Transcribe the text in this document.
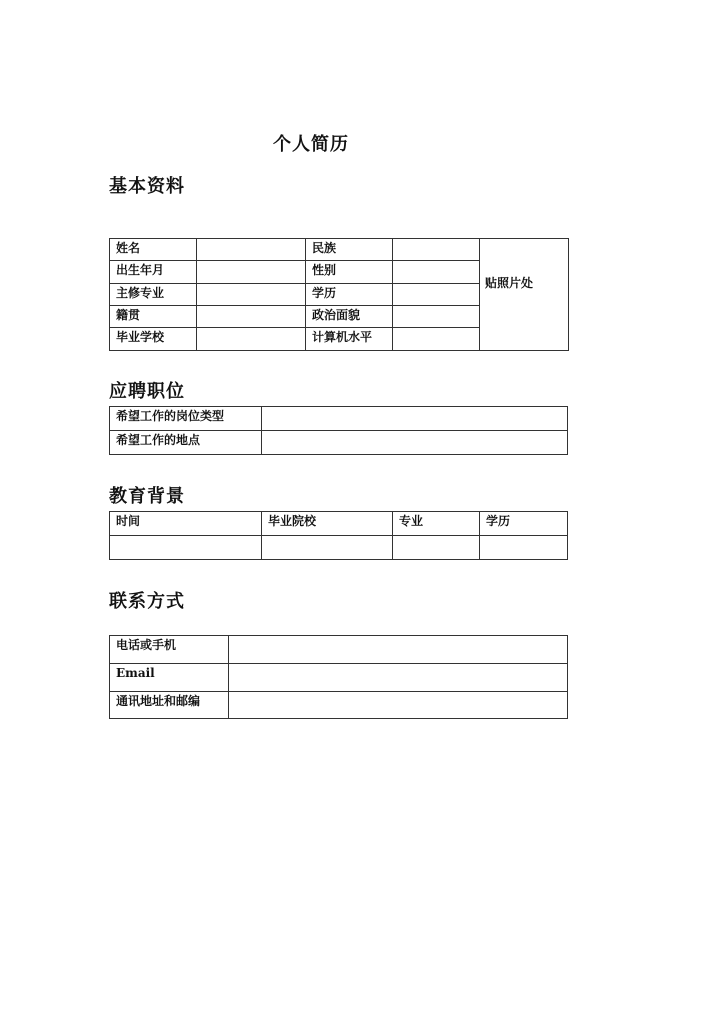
个人简历
基本资料
姓名		民族		贴照片处
出生年月		性别		
主修专业		学历		
籍贯		政治面貌		
毕业学校		计算机水平		
应聘职位
希望工作的岗位类型	
希望工作的地点	
教育背景
时间	毕业院校	专业	学历

联系方式
电话或手机	
Email	
通讯地址和邮编	
